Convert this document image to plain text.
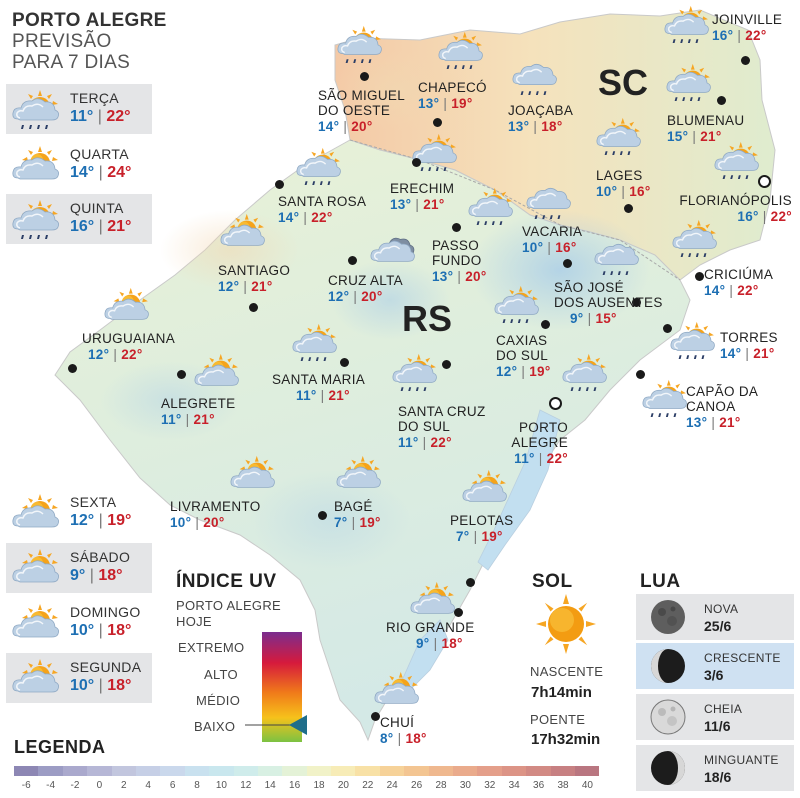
PORTO ALEGRE
PREVISÃO
PARA 7 DIAS
TERÇA
11° | 22°
QUARTA
14° | 24°
QUINTA
16° | 21°
SEXTA
12° | 19°
SÁBADO
9° | 18°
DOMINGO
10° | 18°
SEGUNDA
10° | 18°
SC
RS
JOINVILLE
16° | 22°
SÃO MIGUEL
DO OESTE
14° | 20°
CHAPECÓ
13° | 19°	JOAÇABA
13° | 18°	BLUMENAU
15° | 21°
LAGES
10° | 16°
FLORIANÓPOLIS
16° | 22°
SANTA ROSA
14° | 22°
ERECHIM
13° | 21°
VACARIA
10° | 16°
PASSO
FUNDO
13° | 20°
SANTIAGO
12° | 21°	CRUZ ALTA
12° | 20°
CRICIÚMA
14° | 22°
SÃO JOSÉ
DOS AUSENTES
9° | 15°
URUGUAIANA
12° | 22°
CAXIAS
DO SUL
12° | 19°
TORRES
14° | 21°
SANTA MARIA
11° | 21°
ALEGRETE
11° | 21°
SANTA CRUZ
DO SUL
11° | 22°
CAPÃO DA
CANOA
13° | 21°
PORTO
ALEGRE
11° | 22°
LIVRAMENTO
10° | 20°
BAGÉ
7° | 19°	PELOTAS
7° | 19°
RIO GRANDE
9° | 18°
CHUÍ
8° | 18°
ÍNDICE UV
PORTO ALEGRE
HOJE
EXTREMO
ALTO
MÉDIO
BAIXO
SOL
NASCENTE
7h14min
POENTE
17h32min
LUA
NOVA
25/6
CRESCENTE
3/6
CHEIA
11/6
MINGUANTE
18/6
LEGENDA
-6 -4 -2 0 2 4 6 8 10 12 14 16 18 20 22 24 26 28 30 32 34 36 38 40
